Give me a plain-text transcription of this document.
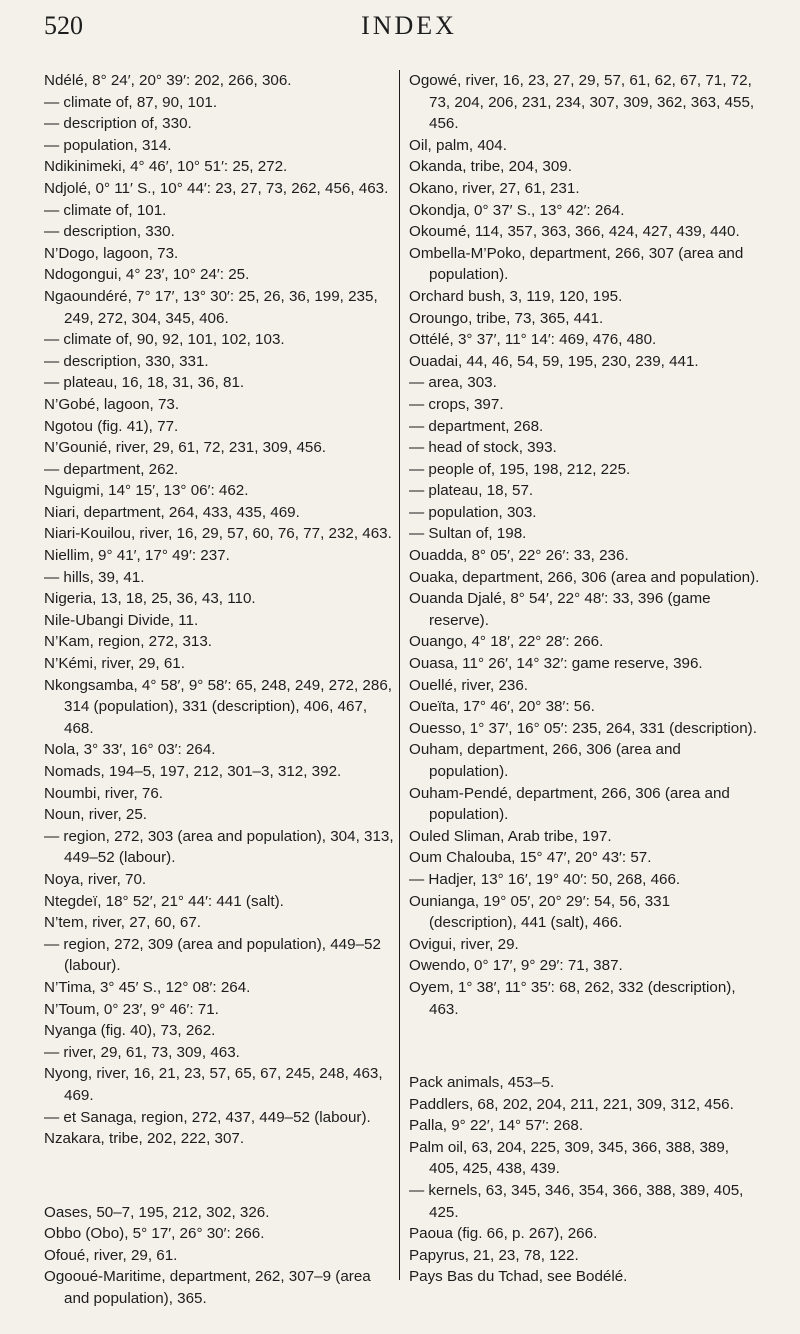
520	INDEX

Ndélé, 8° 24′, 20° 39′: 202, 266, 306.

— climate of, 87, 90, 101.

— description of, 330.

— population, 314.

Ndikinimeki, 4° 46′, 10° 51′: 25, 272.

Ndjolé, 0° 11′ S., 10° 44′: 23, 27, 73, 262, 456, 463.

— climate of, 101.

— description, 330.

N’Dogo, lagoon, 73.

Ndogongui, 4° 23′, 10° 24′: 25.

Ngaoundéré, 7° 17′, 13° 30′: 25, 26, 36, 199, 235, 249, 272, 304, 345, 406.

— climate of, 90, 92, 101, 102, 103.

— description, 330, 331.

— plateau, 16, 18, 31, 36, 81.

N’Gobé, lagoon, 73.

Ngotou (fig. 41), 77.

N’Gounié, river, 29, 61, 72, 231, 309, 456.

— department, 262.

Nguigmi, 14° 15′, 13° 06′: 462.

Niari, department, 264, 433, 435, 469.

Niari-Kouilou, river, 16, 29, 57, 60, 76, 77, 232, 463.

Niellim, 9° 41′, 17° 49′: 237.

— hills, 39, 41.

Nigeria, 13, 18, 25, 36, 43, 110.

Nile-Ubangi Divide, 11.

N’Kam, region, 272, 313.

N’Kémi, river, 29, 61.

Nkongsamba, 4° 58′, 9° 58′: 65, 248, 249, 272, 286, 314 (population), 331 (description), 406, 467, 468.

Nola, 3° 33′, 16° 03′: 264.

Nomads, 194–5, 197, 212, 301–3, 312, 392.

Noumbi, river, 76.

Noun, river, 25.

— region, 272, 303 (area and population), 304, 313, 449–52 (labour).

Noya, river, 70.

Ntegdeï, 18° 52′, 21° 44′: 441 (salt).

N’tem, river, 27, 60, 67.

— region, 272, 309 (area and population), 449–52 (labour).

N’Tima, 3° 45′ S., 12° 08′: 264.

N’Toum, 0° 23′, 9° 46′: 71.

Nyanga (fig. 40), 73, 262.

— river, 29, 61, 73, 309, 463.

Nyong, river, 16, 21, 23, 57, 65, 67, 245, 248, 463, 469.

— et Sanaga, region, 272, 437, 449–52 (labour).

Nzakara, tribe, 202, 222, 307.

Oases, 50–7, 195, 212, 302, 326.

Obbo (Obo), 5° 17′, 26° 30′: 266.

Ofoué, river, 29, 61.

Ogooué-Maritime, department, 262, 307–9 (area and population), 365.

Ogowé, river, 16, 23, 27, 29, 57, 61, 62, 67, 71, 72, 73, 204, 206, 231, 234, 307, 309, 362, 363, 455, 456.

Oil, palm, 404.

Okanda, tribe, 204, 309.

Okano, river, 27, 61, 231.

Okondja, 0° 37′ S., 13° 42′: 264.

Okoumé, 114, 357, 363, 366, 424, 427, 439, 440.

Ombella-M’Poko, department, 266, 307 (area and population).

Orchard bush, 3, 119, 120, 195.

Oroungo, tribe, 73, 365, 441.

Ottélé, 3° 37′, 11° 14′: 469, 476, 480.

Ouadai, 44, 46, 54, 59, 195, 230, 239, 441.

— area, 303.

— crops, 397.

— department, 268.

— head of stock, 393.

— people of, 195, 198, 212, 225.

— plateau, 18, 57.

— population, 303.

— Sultan of, 198.

Ouadda, 8° 05′, 22° 26′: 33, 236.

Ouaka, department, 266, 306 (area and population).

Ouanda Djalé, 8° 54′, 22° 48′: 33, 396 (game reserve).

Ouango, 4° 18′, 22° 28′: 266.

Ouasa, 11° 26′, 14° 32′: game reserve, 396.

Ouellé, river, 236.

Oueïta, 17° 46′, 20° 38′: 56.

Ouesso, 1° 37′, 16° 05′: 235, 264, 331 (description).

Ouham, department, 266, 306 (area and population).

Ouham-Pendé, department, 266, 306 (area and population).

Ouled Sliman, Arab tribe, 197.

Oum Chalouba, 15° 47′, 20° 43′: 57.

— Hadjer, 13° 16′, 19° 40′: 50, 268, 466.

Ounianga, 19° 05′, 20° 29′: 54, 56, 331 (description), 441 (salt), 466.

Ovigui, river, 29.

Owendo, 0° 17′, 9° 29′: 71, 387.

Oyem, 1° 38′, 11° 35′: 68, 262, 332 (description), 463.

Pack animals, 453–5.

Paddlers, 68, 202, 204, 211, 221, 309, 312, 456.

Palla, 9° 22′, 14° 57′: 268.

Palm oil, 63, 204, 225, 309, 345, 366, 388, 389, 405, 425, 438, 439.

— kernels, 63, 345, 346, 354, 366, 388, 389, 405, 425.

Paoua (fig. 66, p. 267), 266.

Papyrus, 21, 23, 78, 122.

Pays Bas du Tchad, see Bodélé.
